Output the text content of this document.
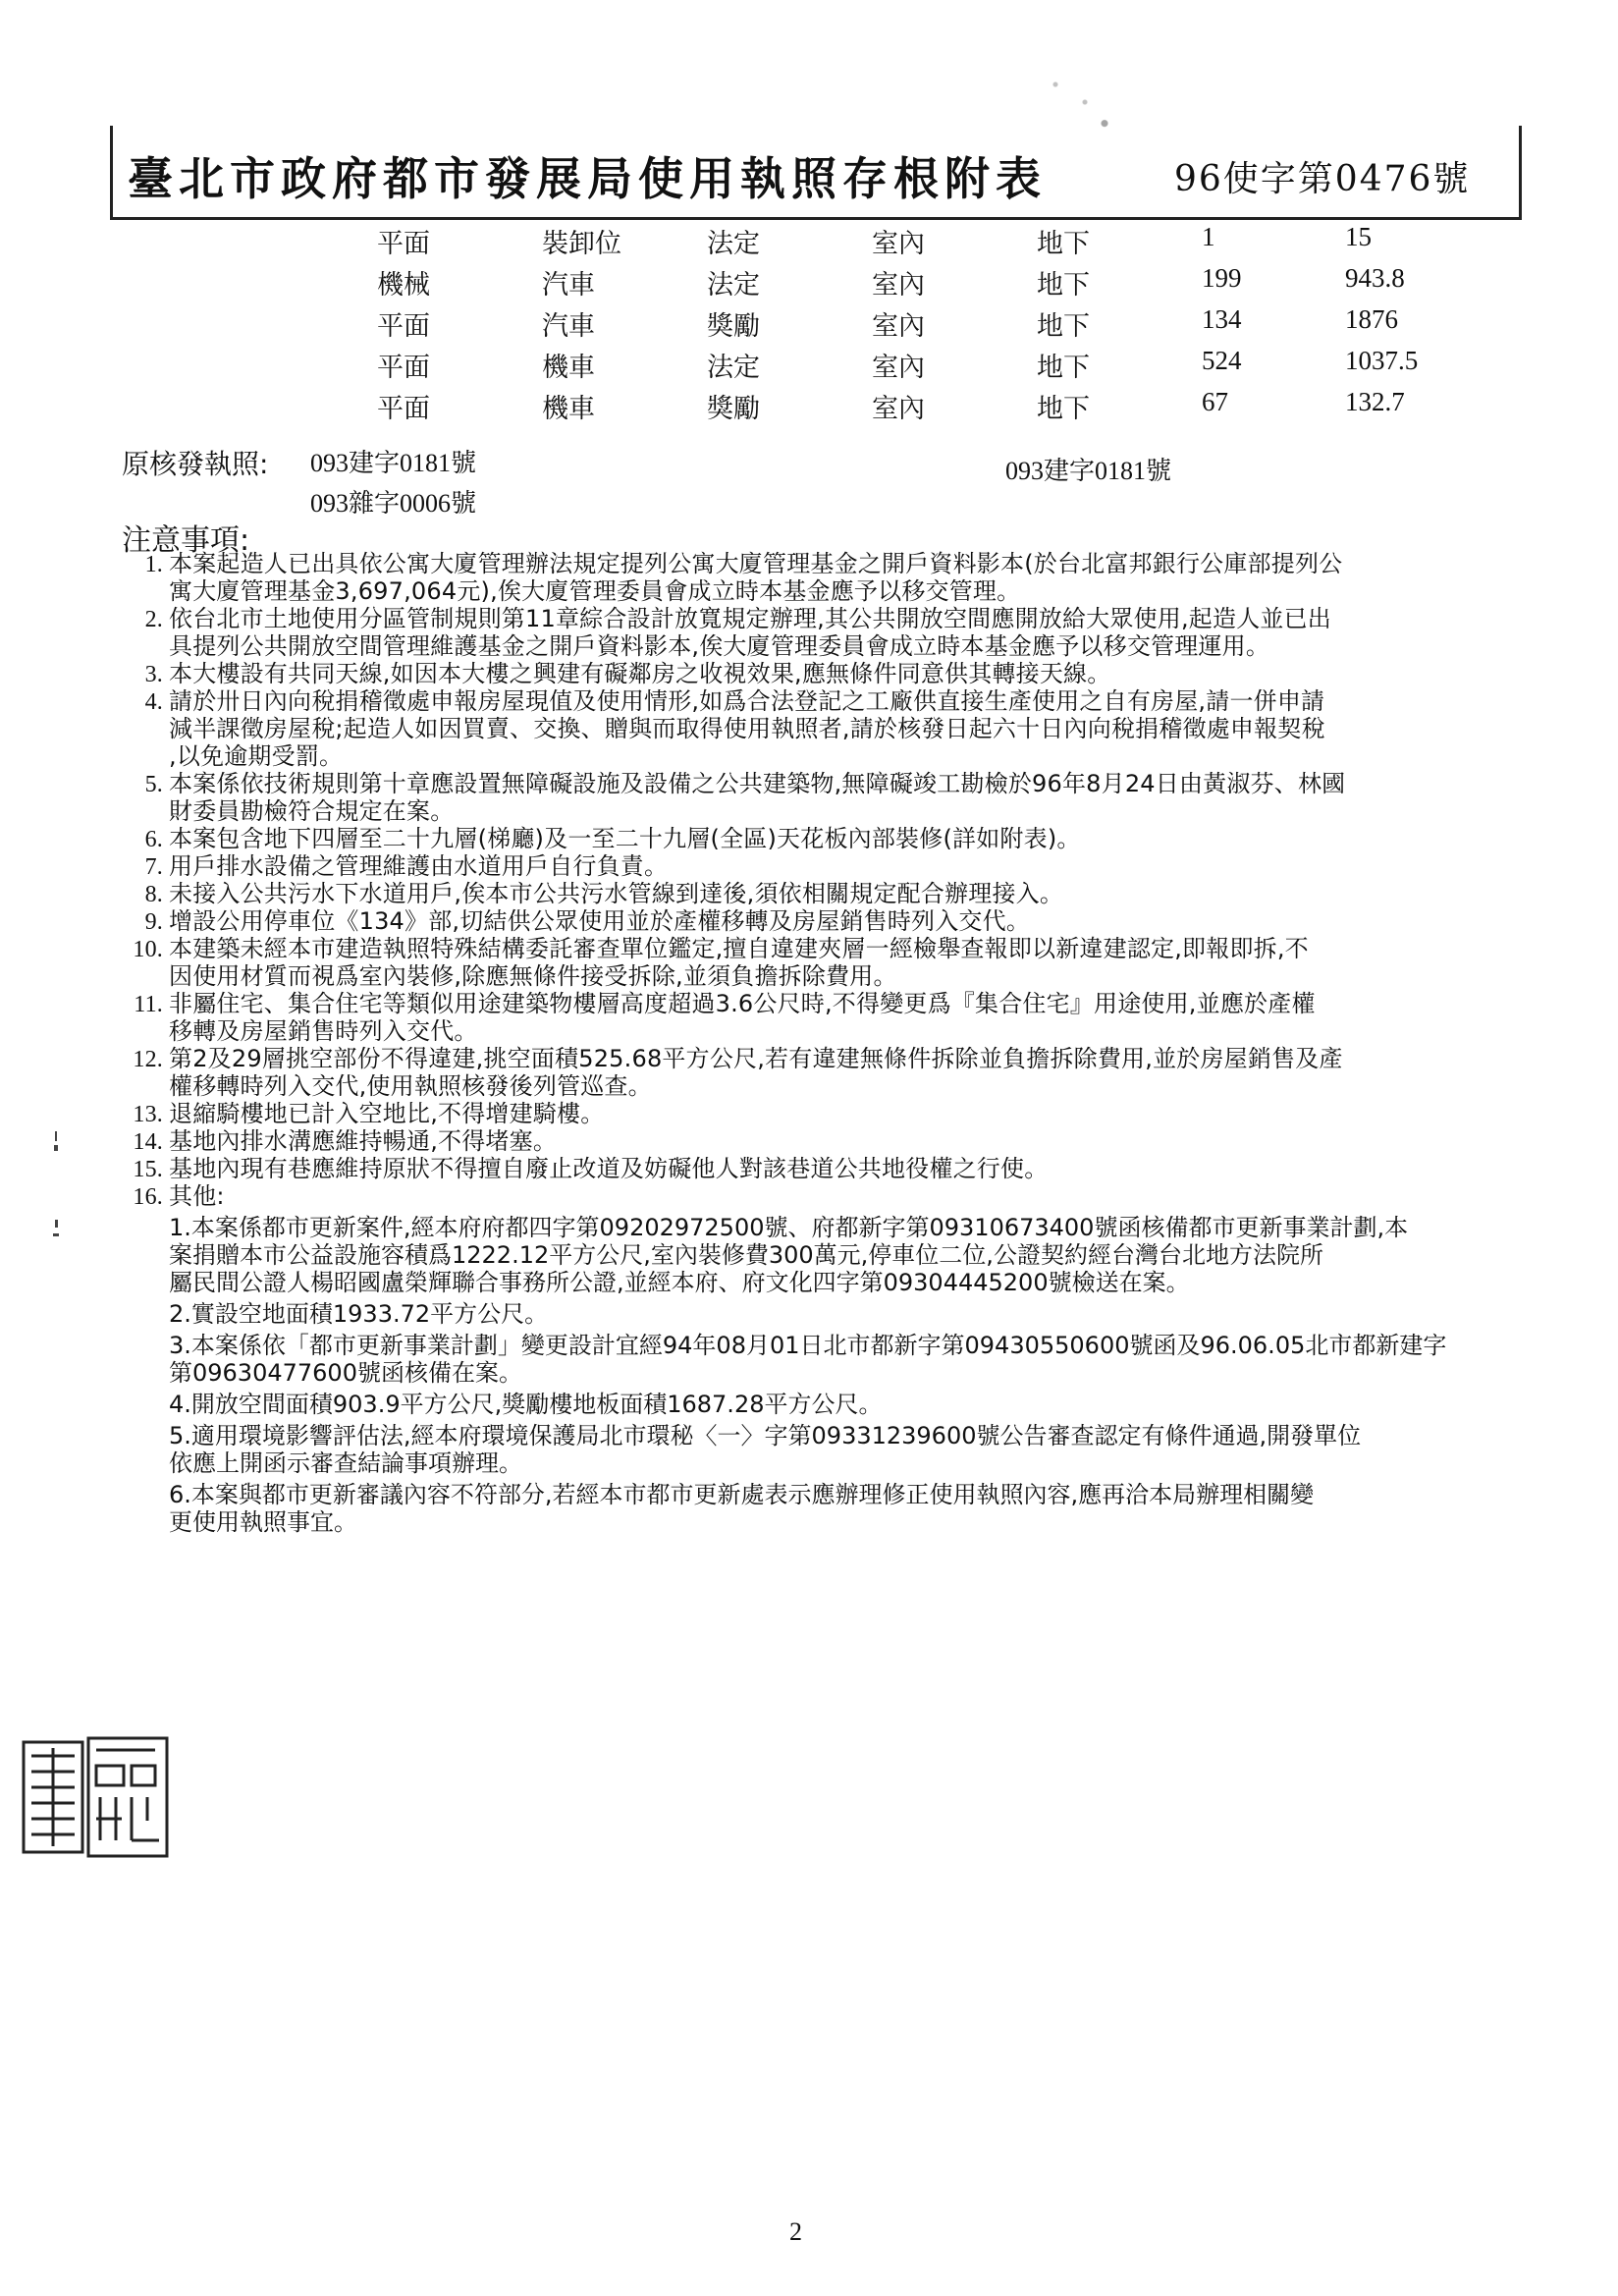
臺北市政府都市發展局使用執照存根附表	96使字第0476號
平面	裝卸位	法定	室內	地下	1	15
機械	汽車	法定	室內	地下	199	943.8
平面	汽車	獎勵	室內	地下	134	1876
平面	機車	法定	室內	地下	524	1037.5
平面	機車	獎勵	室內	地下	67	132.7
原核發執照: 093建字0181號
093雜字0006號
093建字0181號
注意事項:
1. 本案起造人已出具依公寓大廈管理辦法規定提列公寓大廈管理基金之開戶資料影本(於台北富邦銀行公庫部提列公
寓大廈管理基金3,697,064元),俟大廈管理委員會成立時本基金應予以移交管理。
2. 依台北市土地使用分區管制規則第11章綜合設計放寬規定辦理,其公共開放空間應開放給大眾使用,起造人並已出
具提列公共開放空間管理維護基金之開戶資料影本,俟大廈管理委員會成立時本基金應予以移交管理運用。
3. 本大樓設有共同天線,如因本大樓之興建有礙鄰房之收視效果,應無條件同意供其轉接天線。
4. 請於卅日內向稅捐稽徵處申報房屋現值及使用情形,如爲合法登記之工廠供直接生產使用之自有房屋,請一併申請
減半課徵房屋稅;起造人如因買賣、交換、贈與而取得使用執照者,請於核發日起六十日內向稅捐稽徵處申報契稅
,以免逾期受罰。
5. 本案係依技術規則第十章應設置無障礙設施及設備之公共建築物,無障礙竣工勘檢於96年8月24日由黃淑芬、林國
財委員勘檢符合規定在案。
6. 本案包含地下四層至二十九層(梯廳)及一至二十九層(全區)天花板內部裝修(詳如附表)。
7. 用戶排水設備之管理維護由水道用戶自行負責。
8. 未接入公共污水下水道用戶,俟本市公共污水管線到達後,須依相關規定配合辦理接入。
9. 增設公用停車位《134》部,切結供公眾使用並於產權移轉及房屋銷售時列入交代。
10. 本建築未經本市建造執照特殊結構委託審查單位鑑定,擅自違建夾層一經檢舉查報即以新違建認定,即報即拆,不
因使用材質而視爲室內裝修,除應無條件接受拆除,並須負擔拆除費用。
11. 非屬住宅、集合住宅等類似用途建築物樓層高度超過3.6公尺時,不得變更爲『集合住宅』用途使用,並應於產權
移轉及房屋銷售時列入交代。
12. 第2及29層挑空部份不得違建,挑空面積525.68平方公尺,若有違建無條件拆除並負擔拆除費用,並於房屋銷售及產
權移轉時列入交代,使用執照核發後列管巡查。
13. 退縮騎樓地已計入空地比,不得增建騎樓。
14. 基地內排水溝應維持暢通,不得堵塞。
15. 基地內現有巷應維持原狀不得擅自廢止改道及妨礙他人對該巷道公共地役權之行使。
16. 其他:
1.本案係都市更新案件,經本府府都四字第09202972500號、府都新字第09310673400號函核備都市更新事業計劃,本
案捐贈本市公益設施容積爲1222.12平方公尺,室內裝修費300萬元,停車位二位,公證契約經台灣台北地方法院所
屬民間公證人楊昭國盧榮輝聯合事務所公證,並經本府、府文化四字第09304445200號檢送在案。
2.實設空地面積1933.72平方公尺。
3.本案係依「都市更新事業計劃」變更設計宜經94年08月01日北市都新字第09430550600號函及96.06.05北市都新建字
第09630477600號函核備在案。
4.開放空間面積903.9平方公尺,獎勵樓地板面積1687.28平方公尺。
5.適用環境影響評估法,經本府環境保護局北市環秘〈一〉字第09331239600號公告審查認定有條件通過,開發單位
依應上開函示審查結論事項辦理。
6.本案與都市更新審議內容不符部分,若經本市都市更新處表示應辦理修正使用執照內容,應再洽本局辦理相關變
更使用執照事宜。
2
